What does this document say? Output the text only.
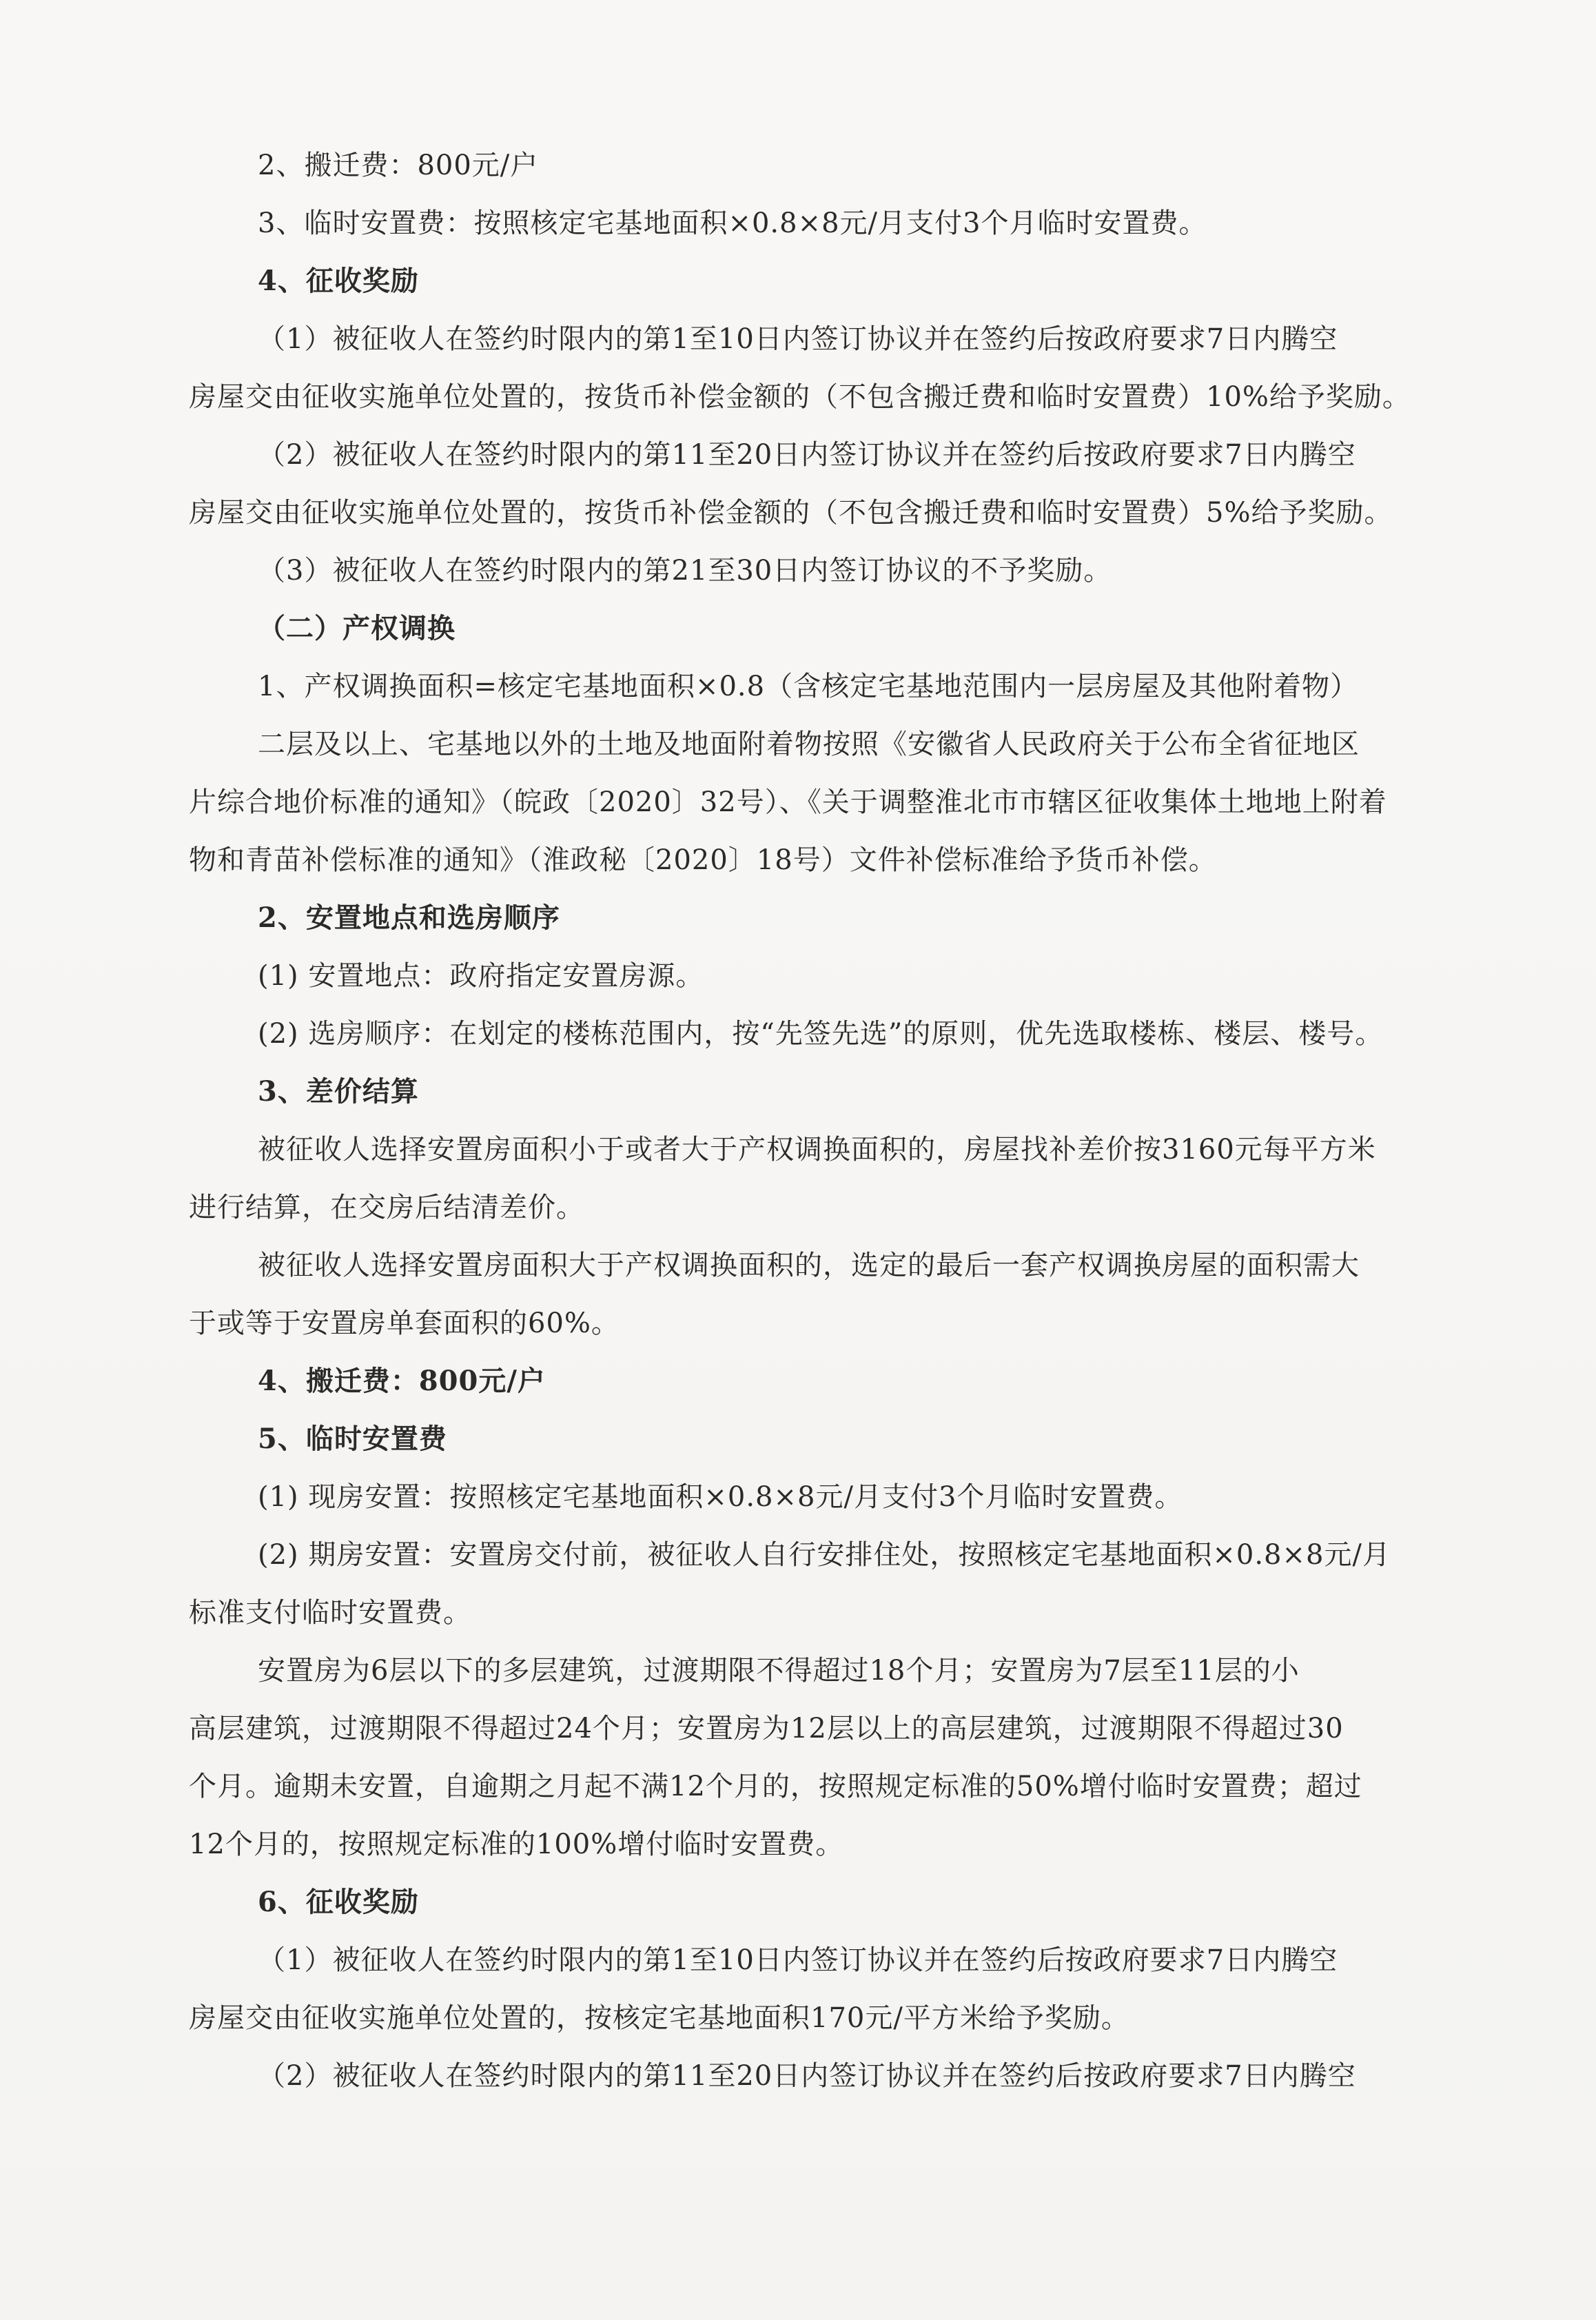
2、搬迁费：800元/户
3、临时安置费：按照核定宅基地面积×0.8×8元/月支付3个月临时安置费。
4、征收奖励
（1）被征收人在签约时限内的第1至10日内签订协议并在签约后按政府要求7日内腾空
房屋交由征收实施单位处置的，按货币补偿金额的（不包含搬迁费和临时安置费）10%给予奖励。
（2）被征收人在签约时限内的第11至20日内签订协议并在签约后按政府要求7日内腾空
房屋交由征收实施单位处置的，按货币补偿金额的（不包含搬迁费和临时安置费）5%给予奖励。
（3）被征收人在签约时限内的第21至30日内签订协议的不予奖励。
（二）产权调换
1、产权调换面积=核定宅基地面积×0.8（含核定宅基地范围内一层房屋及其他附着物）
二层及以上、宅基地以外的土地及地面附着物按照《安徽省人民政府关于公布全省征地区
片综合地价标准的通知》（皖政〔2020〕32号）、《关于调整淮北市市辖区征收集体土地地上附着
物和青苗补偿标准的通知》（淮政秘〔2020〕18号）文件补偿标准给予货币补偿。
2、安置地点和选房顺序
(1) 安置地点：政府指定安置房源。
(2) 选房顺序：在划定的楼栋范围内，按“先签先选”的原则，优先选取楼栋、楼层、楼号。
3、差价结算
被征收人选择安置房面积小于或者大于产权调换面积的，房屋找补差价按3160元每平方米
进行结算，在交房后结清差价。
被征收人选择安置房面积大于产权调换面积的，选定的最后一套产权调换房屋的面积需大
于或等于安置房单套面积的60%。
4、搬迁费：800元/户
5、临时安置费
(1) 现房安置：按照核定宅基地面积×0.8×8元/月支付3个月临时安置费。
(2) 期房安置：安置房交付前，被征收人自行安排住处，按照核定宅基地面积×0.8×8元/月
标准支付临时安置费。
安置房为6层以下的多层建筑，过渡期限不得超过18个月；安置房为7层至11层的小
高层建筑，过渡期限不得超过24个月；安置房为12层以上的高层建筑，过渡期限不得超过30
个月。逾期未安置，自逾期之月起不满12个月的，按照规定标准的50%增付临时安置费；超过
12个月的，按照规定标准的100%增付临时安置费。
6、征收奖励
（1）被征收人在签约时限内的第1至10日内签订协议并在签约后按政府要求7日内腾空
房屋交由征收实施单位处置的，按核定宅基地面积170元/平方米给予奖励。
（2）被征收人在签约时限内的第11至20日内签订协议并在签约后按政府要求7日内腾空
